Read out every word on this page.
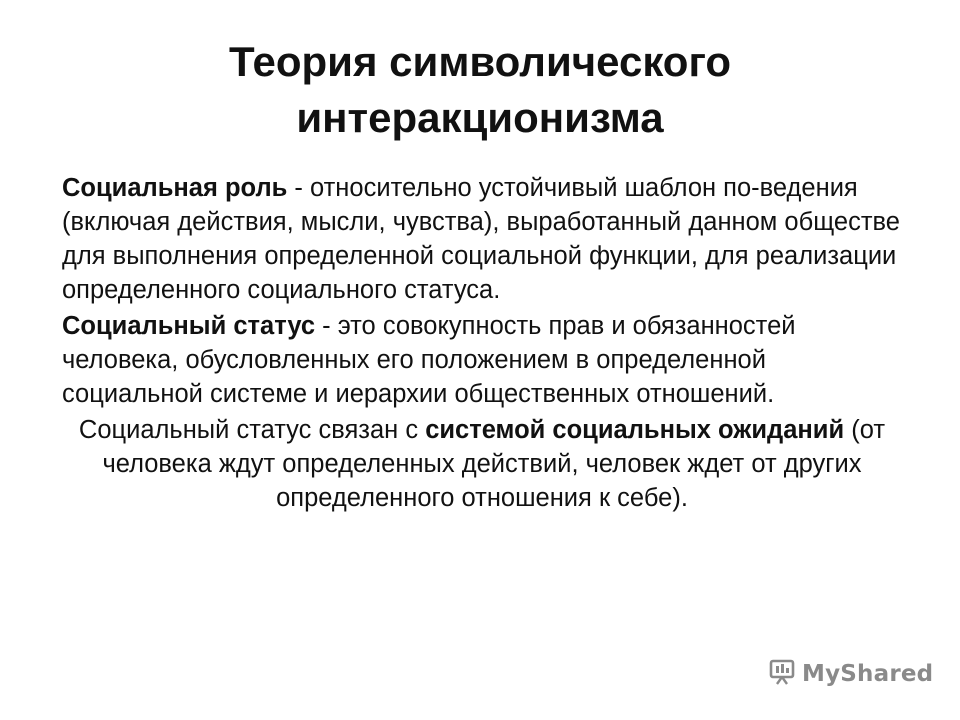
Теория символического
интеракционизма

Социальная роль - относительно устойчивый шаблон по-ведения (включая действия, мысли, чувства), выработанный данном обществе для выполнения определенной социальной функции, для реализации определенного социального статуса.

Социальный статус - это совокупность прав и обязанностей человека, обусловленных его положением в определенной социальной системе и иерархии общественных отношений.

Социальный статус связан с системой социальных ожиданий (от человека ждут определенных действий, человек ждет от других определенного отношения к себе).

MyShared
